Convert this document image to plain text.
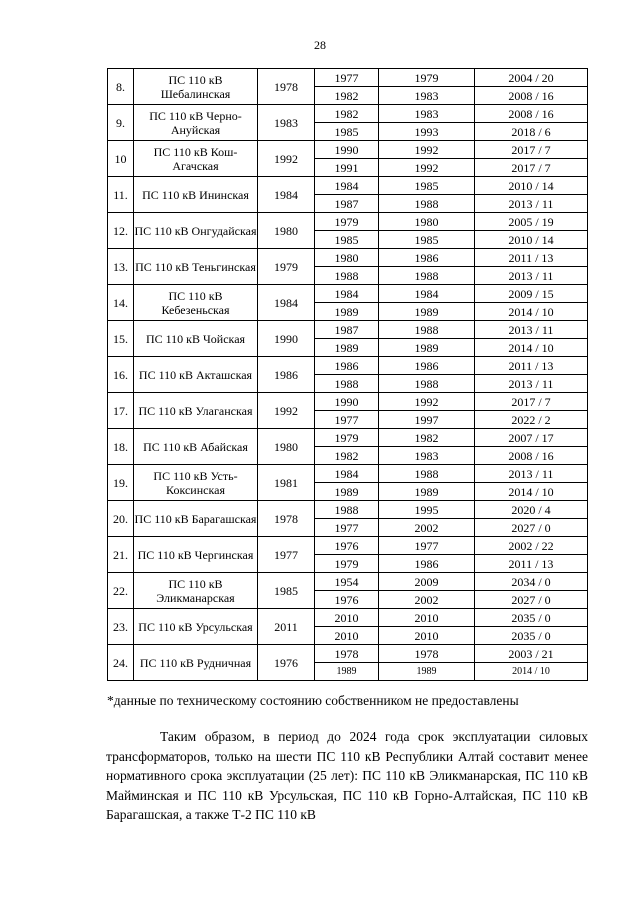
28
8.	ПС 110 кВ Шебалинская	1978	1977	1979	2004 / 20
			1982	1983	2008 / 16
9.	ПС 110 кВ Черно-Ануйская	1983	1982	1983	2008 / 16
			1985	1993	2018 / 6
10	ПС 110 кВ Кош-Агачская	1992	1990	1992	2017 / 7
			1991	1992	2017 / 7
11.	ПС 110 кВ Ининская	1984	1984	1985	2010 / 14
			1987	1988	2013 / 11
12.	ПС 110 кВ Онгудайская	1980	1979	1980	2005 / 19
			1985	1985	2010 / 14
13.	ПС 110 кВ Теньгинская	1979	1980	1986	2011 / 13
			1988	1988	2013 / 11
14.	ПС 110 кВ Кебезеньская	1984	1984	1984	2009 / 15
			1989	1989	2014 / 10
15.	ПС 110 кВ Чойская	1990	1987	1988	2013 / 11
			1989	1989	2014 / 10
16.	ПС 110 кВ Акташская	1986	1986	1986	2011 / 13
			1988	1988	2013 / 11
17.	ПС 110 кВ Улаганская	1992	1990	1992	2017 / 7
			1977	1997	2022 / 2
18.	ПС 110 кВ Абайская	1980	1979	1982	2007 / 17
			1982	1983	2008 / 16
19.	ПС 110 кВ Усть-Коксинская	1981	1984	1988	2013 / 11
			1989	1989	2014 / 10
20.	ПС 110 кВ Барагашская	1978	1988	1995	2020 / 4
			1977	2002	2027 / 0
21.	ПС 110 кВ Чергинская	1977	1976	1977	2002 / 22
			1979	1986	2011 / 13
22.	ПС 110 кВ Эликманарская	1985	1954	2009	2034 / 0
			1976	2002	2027 / 0
23.	ПС 110 кВ Урсульская	2011	2010	2010	2035 / 0
			2010	2010	2035 / 0
24.	ПС 110 кВ Рудничная	1976	1978	1978	2003 / 21
			1989	1989	2014 / 10
*данные по техническому состоянию собственником не предоставлены

Таким образом, в период до 2024 года срок эксплуатации силовых трансформаторов, только на шести ПС 110 кВ Республики Алтай составит менее нормативного срока эксплуатации (25 лет): ПС 110 кВ Эликманарская, ПС 110 кВ Майминская и ПС 110 кВ Урсульская, ПС 110 кВ Горно-Алтайская, ПС 110 кВ Барагашская, а также Т-2 ПС 110 кВ
